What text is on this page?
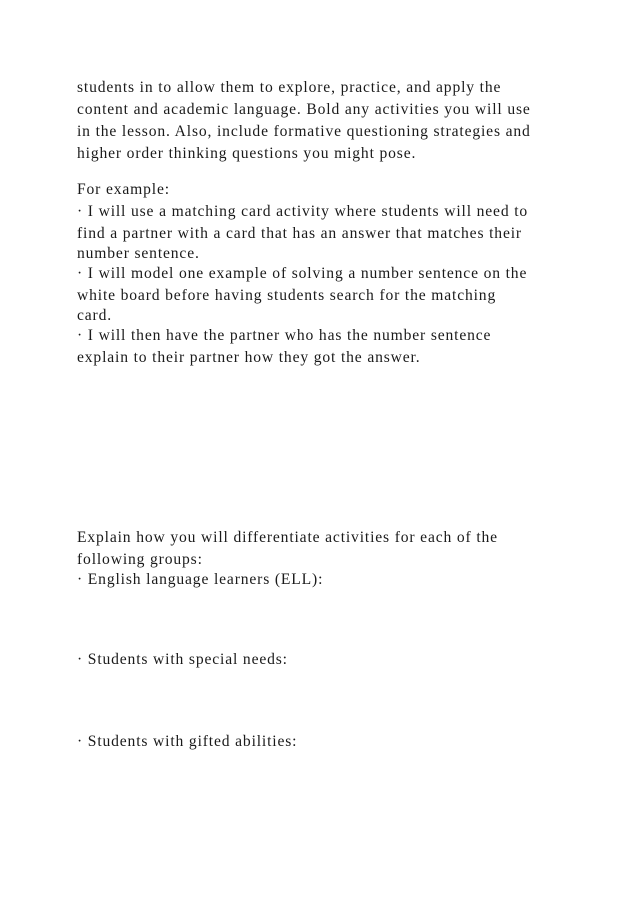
students in to allow them to explore, practice, and apply the

content and academic language. Bold any activities you will use

in the lesson. Also, include formative questioning strategies and

higher order thinking questions you might pose.

For example:

· I will use a matching card activity where students will need to

find a partner with a card that has an answer that matches their

number sentence.

· I will model one example of solving a number sentence on the

white board before having students search for the matching

card.

· I will then have the partner who has the number sentence

explain to their partner how they got the answer.

Explain how you will differentiate activities for each of the

following groups:

· English language learners (ELL):

· Students with special needs:

· Students with gifted abilities:
